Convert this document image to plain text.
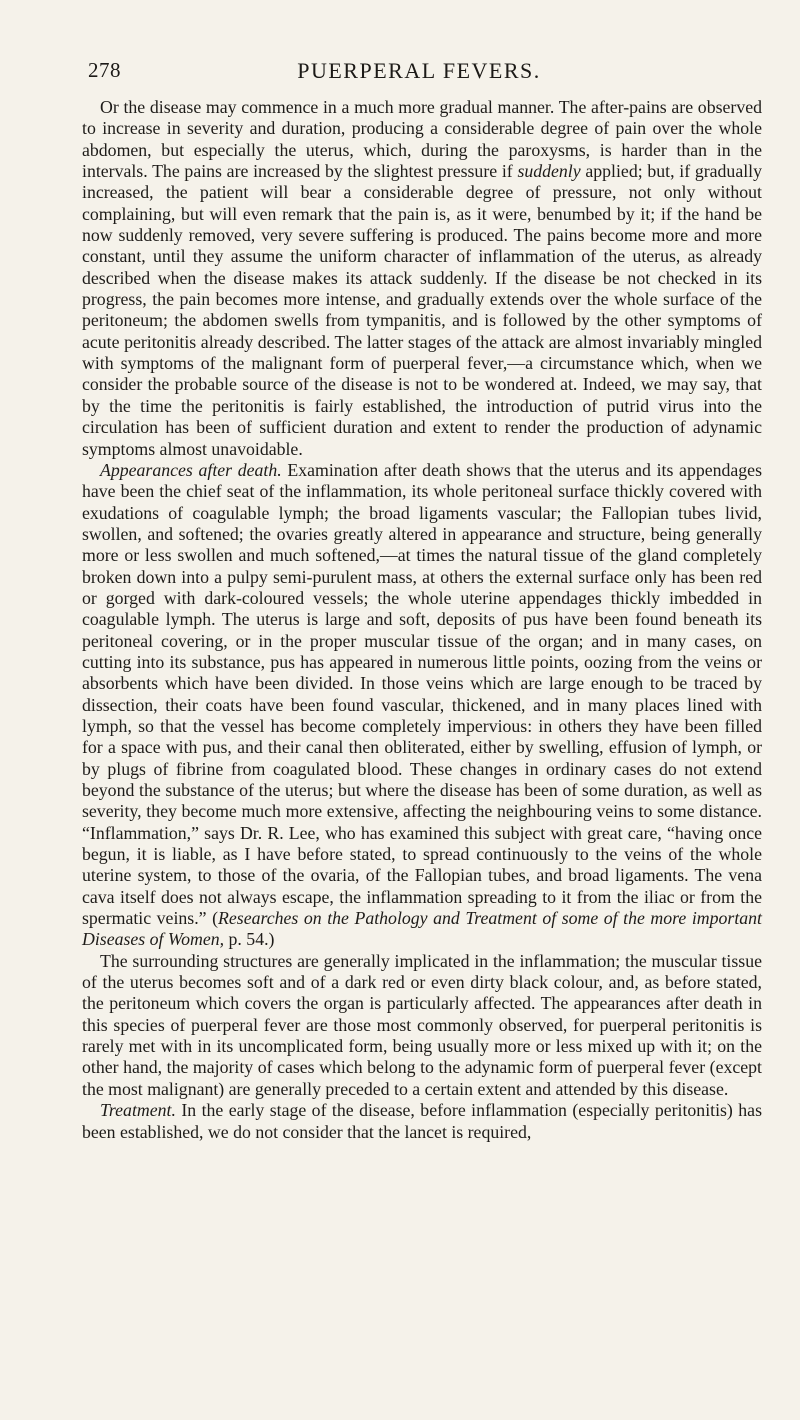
278	PUERPERAL FEVERS.

Or the disease may commence in a much more gradual manner. The after-pains are observed to increase in severity and duration, producing a considerable degree of pain over the whole abdomen, but especially the uterus, which, during the paroxysms, is harder than in the intervals. The pains are increased by the slightest pressure if suddenly applied; but, if gradually increased, the patient will bear a considerable degree of pressure, not only without complaining, but will even remark that the pain is, as it were, benumbed by it; if the hand be now suddenly removed, very severe suffering is produced. The pains become more and more constant, until they assume the uniform character of inflammation of the uterus, as already described when the disease makes its attack suddenly. If the disease be not checked in its progress, the pain becomes more intense, and gradually extends over the whole surface of the peritoneum; the abdomen swells from tympanitis, and is followed by the other symptoms of acute peritonitis already described. The latter stages of the attack are almost invariably mingled with symptoms of the malignant form of puerperal fever,—a circumstance which, when we consider the probable source of the disease is not to be wondered at. Indeed, we may say, that by the time the peritonitis is fairly established, the introduction of putrid virus into the circulation has been of sufficient duration and extent to render the production of adynamic symptoms almost unavoidable.

Appearances after death. Examination after death shows that the uterus and its appendages have been the chief seat of the inflammation, its whole peritoneal surface thickly covered with exudations of coagulable lymph; the broad ligaments vascular; the Fallopian tubes livid, swollen, and softened; the ovaries greatly altered in appearance and structure, being generally more or less swollen and much softened,—at times the natural tissue of the gland completely broken down into a pulpy semi-purulent mass, at others the external surface only has been red or gorged with dark-coloured vessels; the whole uterine appendages thickly imbedded in coagulable lymph. The uterus is large and soft, deposits of pus have been found beneath its peritoneal covering, or in the proper muscular tissue of the organ; and in many cases, on cutting into its substance, pus has appeared in numerous little points, oozing from the veins or absorbents which have been divided. In those veins which are large enough to be traced by dissection, their coats have been found vascular, thickened, and in many places lined with lymph, so that the vessel has become completely impervious: in others they have been filled for a space with pus, and their canal then obliterated, either by swelling, effusion of lymph, or by plugs of fibrine from coagulated blood. These changes in ordinary cases do not extend beyond the substance of the uterus; but where the disease has been of some duration, as well as severity, they become much more extensive, affecting the neighbouring veins to some distance. “Inflammation,” says Dr. R. Lee, who has examined this subject with great care, “having once begun, it is liable, as I have before stated, to spread continuously to the veins of the whole uterine system, to those of the ovaria, of the Fallopian tubes, and broad ligaments. The vena cava itself does not always escape, the inflammation spreading to it from the iliac or from the spermatic veins.” (Researches on the Pathology and Treatment of some of the more important Diseases of Women, p. 54.)

The surrounding structures are generally implicated in the inflammation; the muscular tissue of the uterus becomes soft and of a dark red or even dirty black colour, and, as before stated, the peritoneum which covers the organ is particularly affected. The appearances after death in this species of puerperal fever are those most commonly observed, for puerperal peritonitis is rarely met with in its uncomplicated form, being usually more or less mixed up with it; on the other hand, the majority of cases which belong to the adynamic form of puerperal fever (except the most malignant) are generally preceded to a certain extent and attended by this disease.

Treatment. In the early stage of the disease, before inflammation (especially peritonitis) has been established, we do not consider that the lancet is required,
